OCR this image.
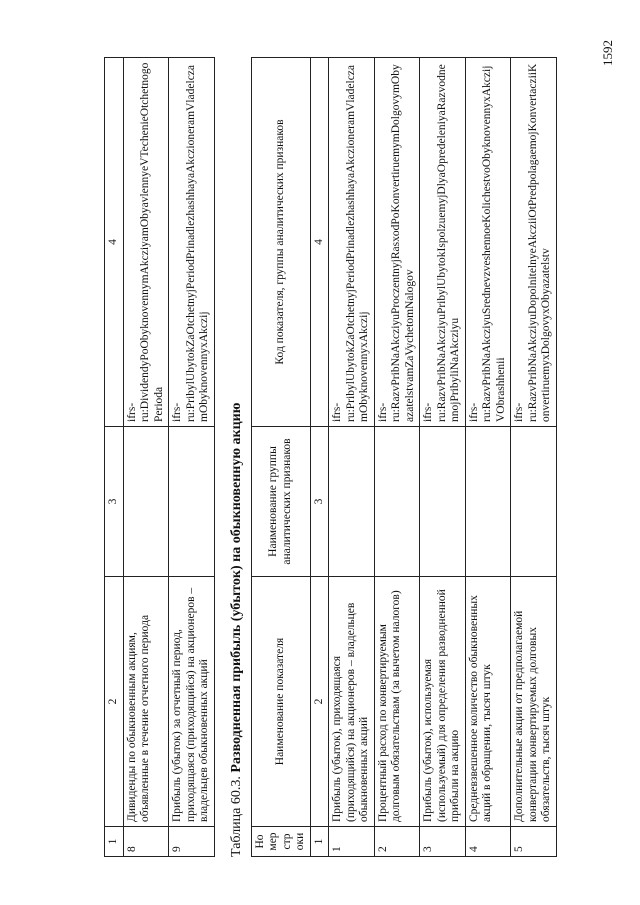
1592
1	2	3	4
8	Дивиденды по обыкновенным акциям, объявленные в течение отчетного периода		ifrs-ru:DividendyPoObyknovennymAkcziyamObyavlennyeVTechenieOtchetnogoPerioda
9	Прибыль (убыток) за отчетный период, приходящаяся (приходящийся) на акционеров – владельцев обыкновенных акций		ifrs-ru:PribylUbytokZaOtchetnyjPeriodPrinadlezhashhayaAkczioneramVladelczamObyknovennyxAkczij
Таблица 60.3. Разводненная прибыль (убыток) на обыкновенную акцию
Номер строки	Наименование показателя	Наименование группы аналитических признаков	Код показателя, группы аналитических признаков
1	2	3	4
1	Прибыль (убыток), приходящаяся (приходящийся) на акционеров – владельцев обыкновенных акций		ifrs-ru:PribylUbytokZaOtchetnyjPeriodPrinadlezhashhayaAkczioneramVladelczamObyknovennyxAkczij
2	Процентный расход по конвертируемым долговым обязательствам (за вычетом налогов)		ifrs-ru:RazvPribNaAkcziyuProczentnyjRasxodPoKonvertiruemymDolgovymObyazatelstvamZaVychetomNalogov
3	Прибыль (убыток), используемая (используемый) для определения разводненной прибыли на акцию		ifrs-ru:RazvPribNaAkcziyuPribylUbytokIspolzuemyjDlyaOpredeleniyaRazvodnennojPribyliNaAkcziyu
4	Средневзвешенное количество обыкновенных акций в обращении, тысяч штук		ifrs-ru:RazvPribNaAkcziyuSrednevzveshennoeKolichestvoObyknovennyxAkczijVObrashhenii
5	Дополнительные акции от предполагаемой конвертации конвертируемых долговых обязательств, тысяч штук		ifrs-ru:RazvPribNaAkcziyuDopolnitelnyeAkcziiOtPredpolagaemojKonvertacziiKonvertiruemyxDolgovyxObyazatelstv
